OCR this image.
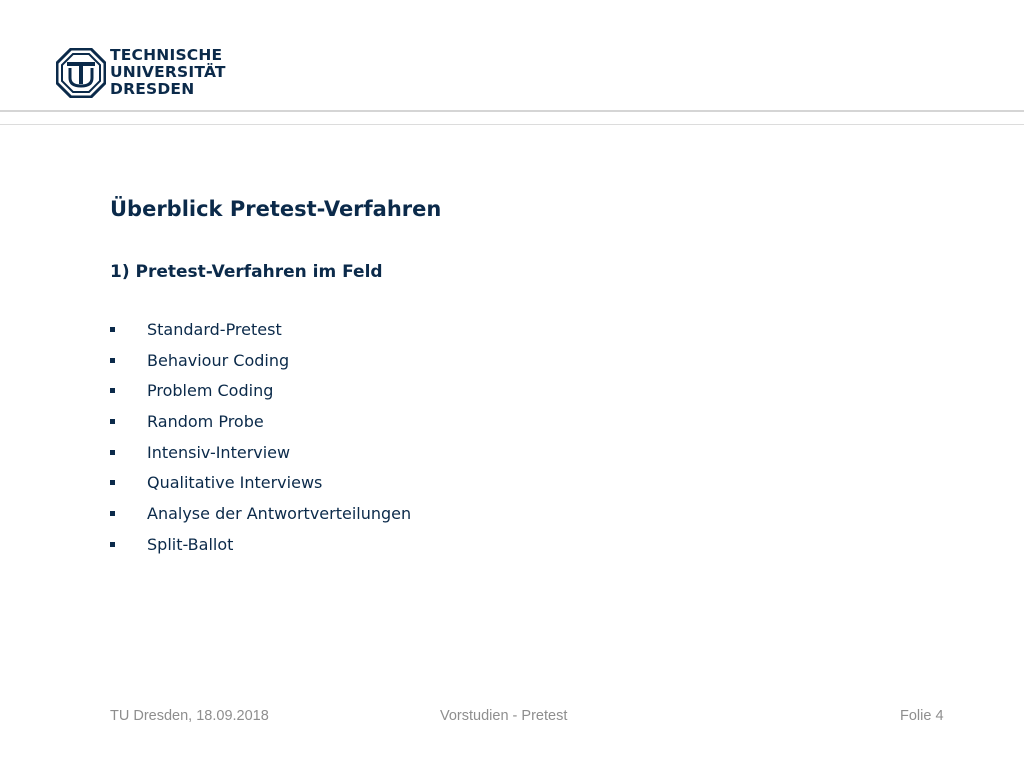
TECHNISCHE
UNIVERSITÄT
DRESDEN
Überblick Pretest-Verfahren
1) Pretest-Verfahren im Feld
Standard-Pretest
Behaviour Coding
Problem Coding
Random Probe
Intensiv-Interview
Qualitative Interviews
Analyse der Antwortverteilungen
Split-Ballot
TU Dresden, 18.09.2018	Vorstudien - Pretest	Folie 4
